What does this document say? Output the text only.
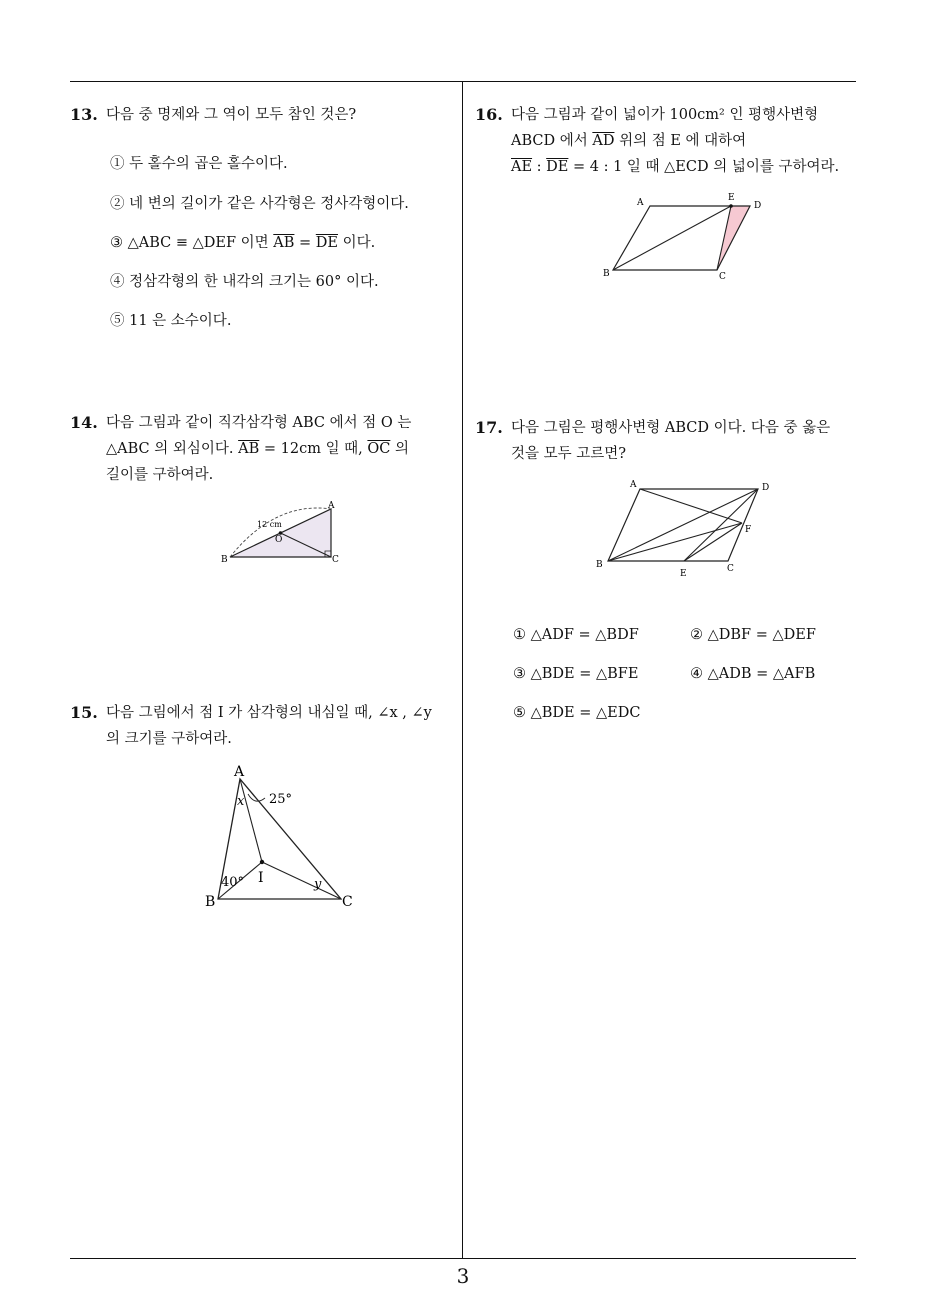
13. 다음 중 명제와 그 역이 모두 참인 것은?
① 두 홀수의 곱은 홀수이다.
② 네 변의 길이가 같은 사각형은 정사각형이다.
③ △ABC ≡ △DEF 이면 $\overline{AB} = \overline{DE}$ 이다.
④ 정삼각형의 한 내각의 크기는 60° 이다.
⑤ 11 은 소수이다.
14. 다음 그림과 같이 직각삼각형 ABC 에서 점 O 는
△ABC 의 외심이다. $\overline{AB} = 12cm$ 일 때, $\overline{OC}$ 의
길이를 구하여라.
A
B	C
O
12 cm
15. 다음 그림에서 점 I 가 삼각형의 내심일 때, ∠x , ∠y
의 크기를 구하여라.
A
B	C
I
x
y
25°
40°
16. 다음 그림과 같이 넓이가 100cm² 인 평행사변형
ABCD 에서 $\overline{AD}$ 위의 점 E 에 대하여
$\overline{AE}$ : $\overline{DE} = 4$ : 1 일 때 △ECD 의 넓이를 구하여라.
A
B	C
D
E
17. 다음 그림은 평행사변형 ABCD 이다. 다음 중 옳은
것을 모두 고르면?
A
B	C
D
E
F
① △ADF = △BDF	② △DBF = △DEF
③ △BDE = △BFE	④ △ADB = △AFB
⑤ △BDE = △EDC
3
